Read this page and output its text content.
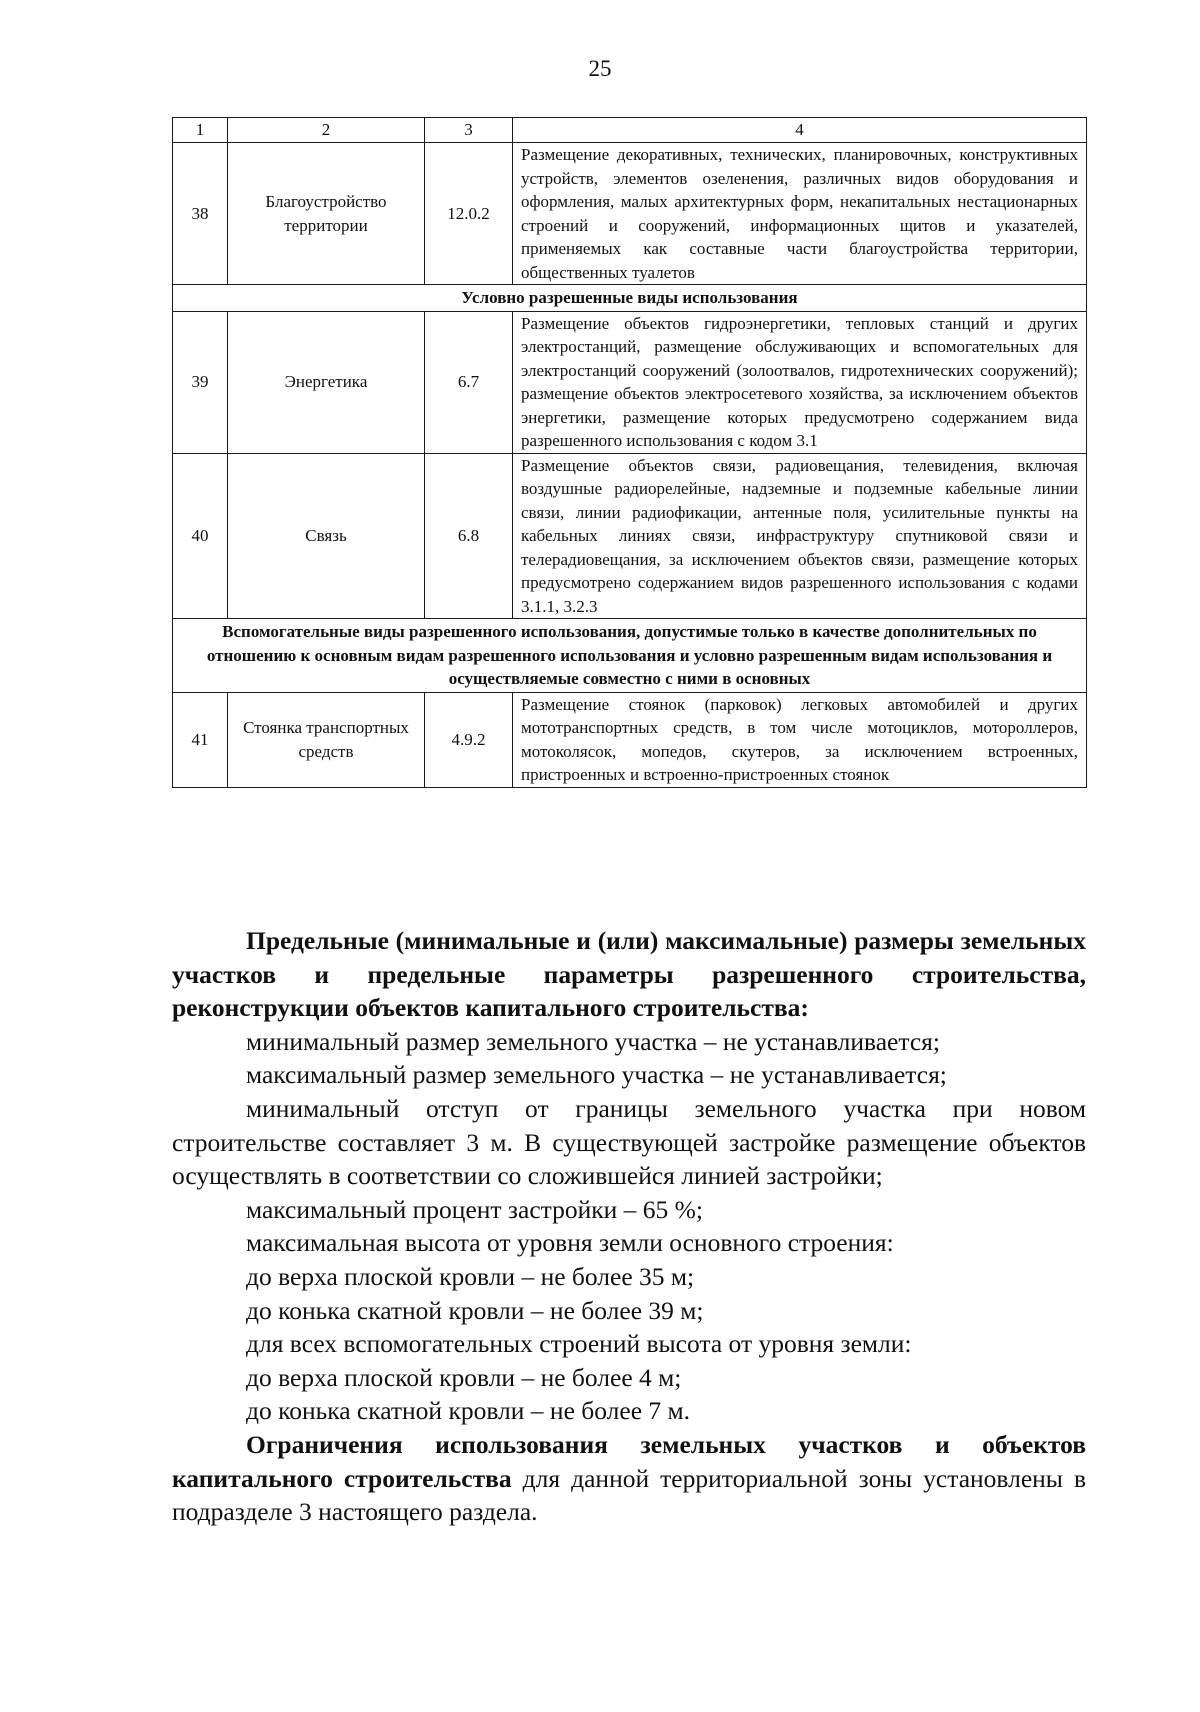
25
1	2	3	4
38	Благоустройство территории	12.0.2	Размещение декоративных, технических, планировочных, конструктивных устройств, элементов озеленения, различных видов оборудования и оформления, малых архитектурных форм, некапитальных нестационарных строений и сооружений, информационных щитов и указателей, применяемых как составные части благоустройства территории, общественных туалетов
Условно разрешенные виды использования			
39	Энергетика	6.7	Размещение объектов гидроэнергетики, тепловых станций и других электростанций, размещение обслуживающих и вспомогательных для электростанций сооружений (золоотвалов, гидротехнических сооружений); размещение объектов электросетевого хозяйства, за исключением объектов энергетики, размещение которых предусмотрено содержанием вида разрешенного использования с кодом 3.1
40	Связь	6.8	Размещение объектов связи, радиовещания, телевидения, включая воздушные радиорелейные, надземные и подземные кабельные линии связи, линии радиофикации, антенные поля, усилительные пункты на кабельных линиях связи, инфраструктуру спутниковой связи и телерадиовещания, за исключением объектов связи, размещение которых предусмотрено содержанием видов разрешенного использования с кодами 3.1.1, 3.2.3
Вспомогательные виды разрешенного использования, допустимые только в качестве дополнительных по отношению к основным видам разрешенного использования и условно разрешенным видам использования и осуществляемые совместно с ними в основных			
41	Стоянка транспортных средств	4.9.2	Размещение стоянок (парковок) легковых автомобилей и других мототранспортных средств, в том числе мотоциклов, мотороллеров, мотоколясок, мопедов, скутеров, за исключением встроенных, пристроенных и встроенно-пристроенных стоянок

Предельные (минимальные и (или) максимальные) размеры земельных участков и предельные параметры разрешенного строительства, реконструкции объектов капитального строительства:

минимальный размер земельного участка – не устанавливается;

максимальный размер земельного участка – не устанавливается;

минимальный отступ от границы земельного участка при новом строительстве составляет 3 м. В существующей застройке размещение объектов осуществлять в соответствии со сложившейся линией застройки;

максимальный процент застройки – 65 %;

максимальная высота от уровня земли основного строения:

до верха плоской кровли – не более 35 м;

до конька скатной кровли – не более 39 м;

для всех вспомогательных строений высота от уровня земли:

до верха плоской кровли – не более 4 м;

до конька скатной кровли – не более 7 м.

Ограничения использования земельных участков и объектов капитального строительства для данной территориальной зоны установлены в подразделе 3 настоящего раздела.
